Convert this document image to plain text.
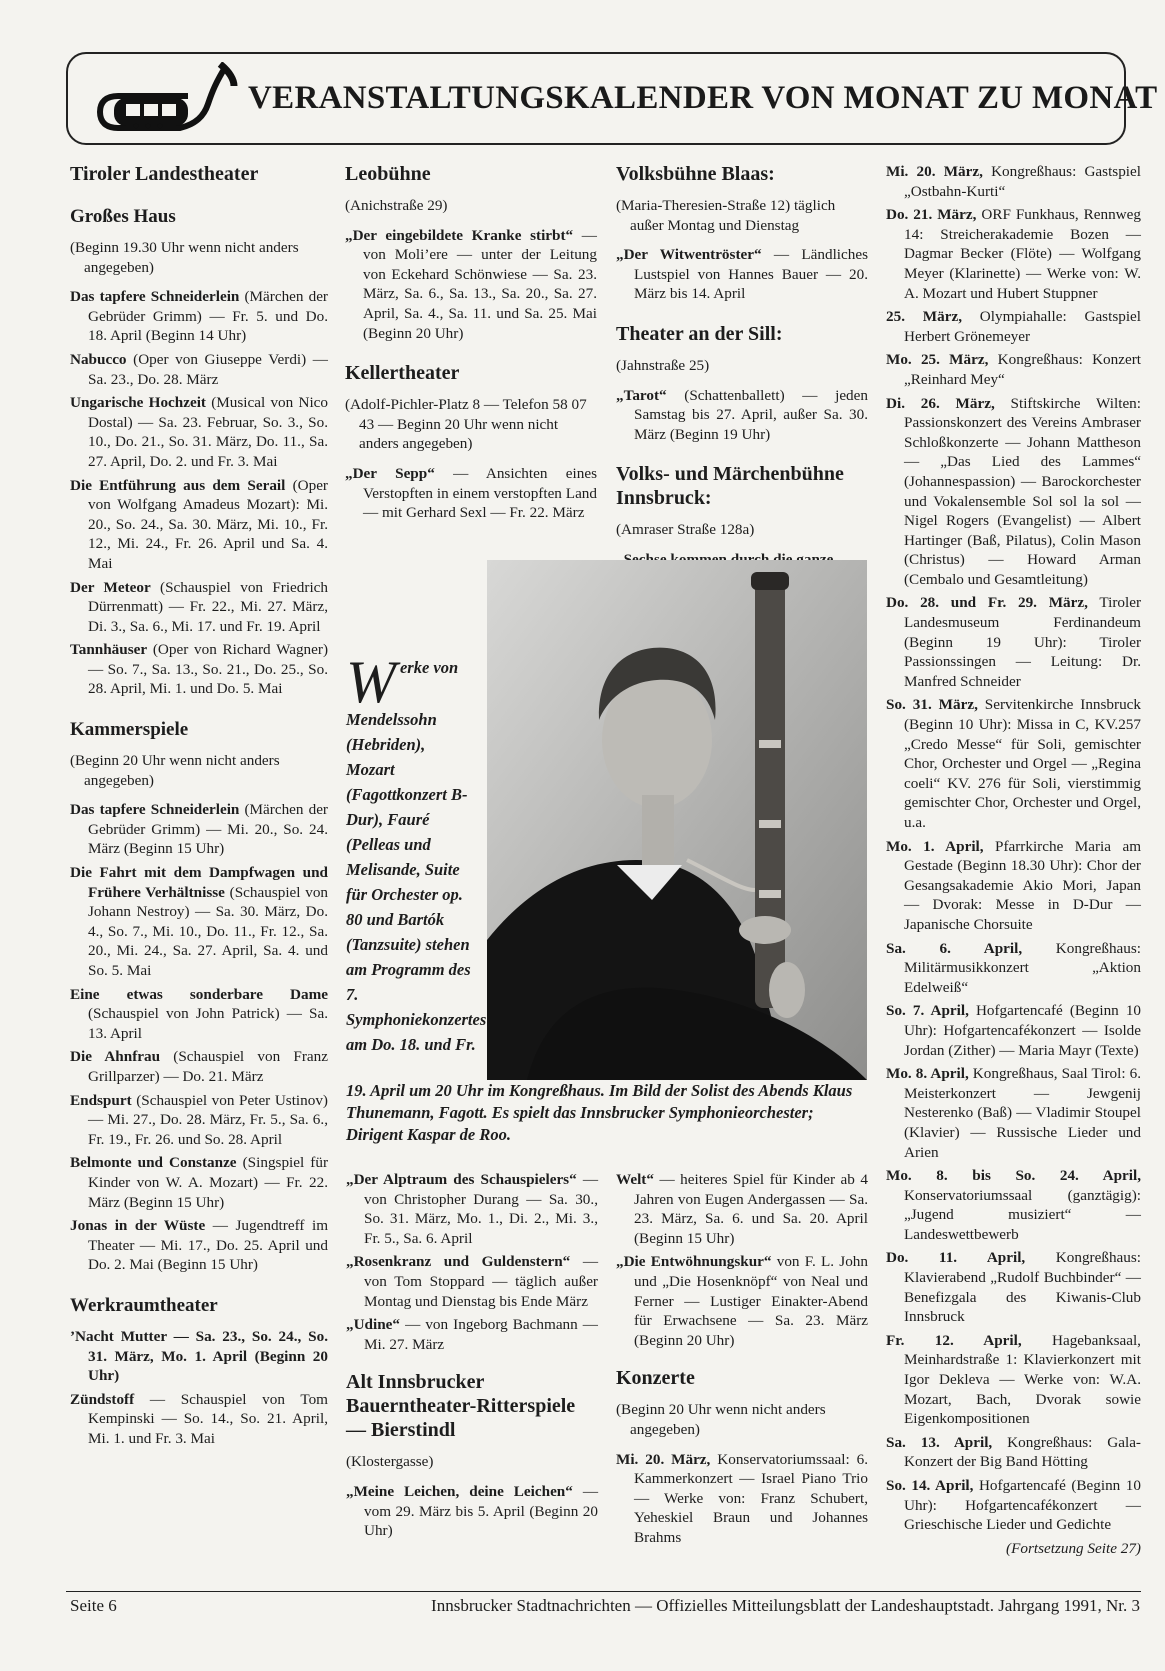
VERANSTALTUNGSKALENDER VON MONAT ZU MONAT
Tiroler Landestheater
Großes Haus
(Beginn 19.30 Uhr wenn nicht anders angegeben)
Das tapfere Schneiderlein (Märchen der Gebrüder Grimm) — Fr. 5. und Do. 18. April (Beginn 14 Uhr)
Nabucco (Oper von Giuseppe Verdi) — Sa. 23., Do. 28. März
Ungarische Hochzeit (Musical von Nico Dostal) — Sa. 23. Februar, So. 3., So. 10., Do. 21., So. 31. März, Do. 11., Sa. 27. April, Do. 2. und Fr. 3. Mai
Die Entführung aus dem Serail (Oper von Wolfgang Amadeus Mozart): Mi. 20., So. 24., Sa. 30. März, Mi. 10., Fr. 12., Mi. 24., Fr. 26. April und Sa. 4. Mai
Der Meteor (Schauspiel von Friedrich Dürrenmatt) — Fr. 22., Mi. 27. März, Di. 3., Sa. 6., Mi. 17. und Fr. 19. April
Tannhäuser (Oper von Richard Wagner) — So. 7., Sa. 13., So. 21., Do. 25., So. 28. April, Mi. 1. und Do. 5. Mai
Kammerspiele
(Beginn 20 Uhr wenn nicht anders angegeben)
Das tapfere Schneiderlein (Märchen der Gebrüder Grimm) — Mi. 20., So. 24. März (Beginn 15 Uhr)
Die Fahrt mit dem Dampfwagen und Frühere Verhältnisse (Schauspiel von Johann Nestroy) — Sa. 30. März, Do. 4., So. 7., Mi. 10., Do. 11., Fr. 12., Sa. 20., Mi. 24., Sa. 27. April, Sa. 4. und So. 5. Mai
Eine etwas sonderbare Dame (Schauspiel von John Patrick) — Sa. 13. April
Die Ahnfrau (Schauspiel von Franz Grillparzer) — Do. 21. März
Endspurt (Schauspiel von Peter Ustinov) — Mi. 27., Do. 28. März, Fr. 5., Sa. 6., Fr. 19., Fr. 26. und So. 28. April
Belmonte und Constanze (Singspiel für Kinder von W. A. Mozart) — Fr. 22. März (Beginn 15 Uhr)
Jonas in der Wüste — Jugendtreff im Theater — Mi. 17., Do. 25. April und Do. 2. Mai (Beginn 15 Uhr)
Werkraumtheater
’Nacht Mutter — Sa. 23., So. 24., So. 31. März, Mo. 1. April (Beginn 20 Uhr)
Zündstoff — Schauspiel von Tom Kempinski — So. 14., So. 21. April, Mi. 1. und Fr. 3. Mai
Leobühne
(Anichstraße 29)
„Der eingebildete Kranke stirbt“ — von Moli’ere — unter der Leitung von Eckehard Schönwiese — Sa. 23. März, Sa. 6., Sa. 13., Sa. 20., Sa. 27. April, Sa. 4., Sa. 11. und Sa. 25. Mai (Beginn 20 Uhr)
Kellertheater
(Adolf-Pichler-Platz 8 — Telefon 58 07 43 — Beginn 20 Uhr wenn nicht anders angegeben)
„Der Sepp“ — Ansichten eines Verstopften in einem verstopften Land — mit Gerhard Sexl — Fr. 22. März
Volksbühne Blaas:
(Maria-Theresien-Straße 12) täglich außer Montag und Dienstag
„Der Witwentröster“ — Ländliches Lustspiel von Hannes Bauer — 20. März bis 14. April
Theater an der Sill:
(Jahnstraße 25)
„Tarot“ (Schattenballett) — jeden Samstag bis 27. April, außer Sa. 30. März (Beginn 19 Uhr)
Volks- und Märchenbühne Innsbruck:
(Amraser Straße 128a)
Werke von Mendelssohn (Hebriden), Mozart (Fagottkonzert B-Dur), Fauré (Pelleas und Melisande, Suite für Orchester op. 80 und Bartók (Tanzsuite) stehen am Programm des 7. Symphoniekonzertes am Do. 18. und Fr.
19. April um 20 Uhr im Kongreßhaus. Im Bild der Solist des Abends Klaus Thunemann, Fagott. Es spielt das Innsbrucker Symphonieorchester; Dirigent Kaspar de Roo.
„Der Alptraum des Schauspielers“ — von Christopher Durang — Sa. 30., So. 31. März, Mo. 1., Di. 2., Mi. 3., Fr. 5., Sa. 6. April
„Rosenkranz und Guldenstern“ — von Tom Stoppard — täglich außer Montag und Dienstag bis Ende März
„Udine“ — von Ingeborg Bachmann — Mi. 27. März
Alt Innsbrucker Bauerntheater-Ritterspiele — Bierstindl
(Klostergasse)
„Meine Leichen, deine Leichen“ — vom 29. März bis 5. April (Beginn 20 Uhr)
Welt“ — heiteres Spiel für Kinder ab 4 Jahren von Eugen Andergassen — Sa. 23. März, Sa. 6. und Sa. 20. April (Beginn 15 Uhr)
„Die Entwöhnungskur“ von F. L. John und „Die Hosenknöpf“ von Neal und Ferner — Lustiger Einakter-Abend für Erwachsene — Sa. 23. März (Beginn 20 Uhr)
Konzerte
(Beginn 20 Uhr wenn nicht anders angegeben)
Mi. 20. März, Konservatoriumssaal: 6. Kammerkonzert — Israel Piano Trio — Werke von: Franz Schubert, Yeheskiel Braun und Johannes Brahms
Mi. 20. März, Kongreßhaus: Gastspiel „Ostbahn-Kurti“
Do. 21. März, ORF Funkhaus, Rennweg 14: Streicherakademie Bozen — Dagmar Becker (Flöte) — Wolfgang Meyer (Klarinette) — Werke von: W. A. Mozart und Hubert Stuppner
25. März, Olympiahalle: Gastspiel Herbert Grönemeyer
Mo. 25. März, Kongreßhaus: Konzert „Reinhard Mey“
Di. 26. März, Stiftskirche Wilten: Passionskonzert des Vereins Ambraser Schloßkonzerte — Johann Mattheson — „Das Lied des Lammes“ (Johannespassion) — Barockorchester und Vokalensemble Sol sol la sol — Nigel Rogers (Evangelist) — Albert Hartinger (Baß, Pilatus), Colin Mason (Christus) — Howard Arman (Cembalo und Gesamtleitung)
Do. 28. und Fr. 29. März, Tiroler Landesmuseum Ferdinandeum (Beginn 19 Uhr): Tiroler Passionssingen — Leitung: Dr. Manfred Schneider
So. 31. März, Servitenkirche Innsbruck (Beginn 10 Uhr): Missa in C, KV.257 „Credo Messe“ für Soli, gemischter Chor, Orchester und Orgel — „Regina coeli“ KV. 276 für Soli, vierstimmig gemischter Chor, Orchester und Orgel, u.a.
Mo. 1. April, Pfarrkirche Maria am Gestade (Beginn 18.30 Uhr): Chor der Gesangsakademie Akio Mori, Japan — Dvorak: Messe in D-Dur — Japanische Chorsuite
Sa. 6. April, Kongreßhaus: Militärmusikkonzert „Aktion Edelweiß“
So. 7. April, Hofgartencafé (Beginn 10 Uhr): Hofgartencafékonzert — Isolde Jordan (Zither) — Maria Mayr (Texte)
Mo. 8. April, Kongreßhaus, Saal Tirol: 6. Meisterkonzert — Jewgenij Nesterenko (Baß) — Vladimir Stoupel (Klavier) — Russische Lieder und Arien
Mo. 8. bis So. 24. April, Konservatoriumssaal (ganztägig): „Jugend musiziert“ — Landeswettbewerb
Do. 11. April, Kongreßhaus: Klavierabend „Rudolf Buchbinder“ — Benefizgala des Kiwanis-Club Innsbruck
Fr. 12. April, Hagebanksaal, Meinhardstraße 1: Klavierkonzert mit Igor Dekleva — Werke von: W.A. Mozart, Bach, Dvorak sowie Eigenkompositionen
Sa. 13. April, Kongreßhaus: Gala-Konzert der Big Band Hötting
So. 14. April, Hofgartencafé (Beginn 10 Uhr): Hofgartencafékonzert — Grieschische Lieder und Gedichte
(Fortsetzung Seite 27)
Seite 6	Innsbrucker Stadtnachrichten — Offizielles Mitteilungsblatt der Landeshauptstadt. Jahrgang 1991, Nr. 3
